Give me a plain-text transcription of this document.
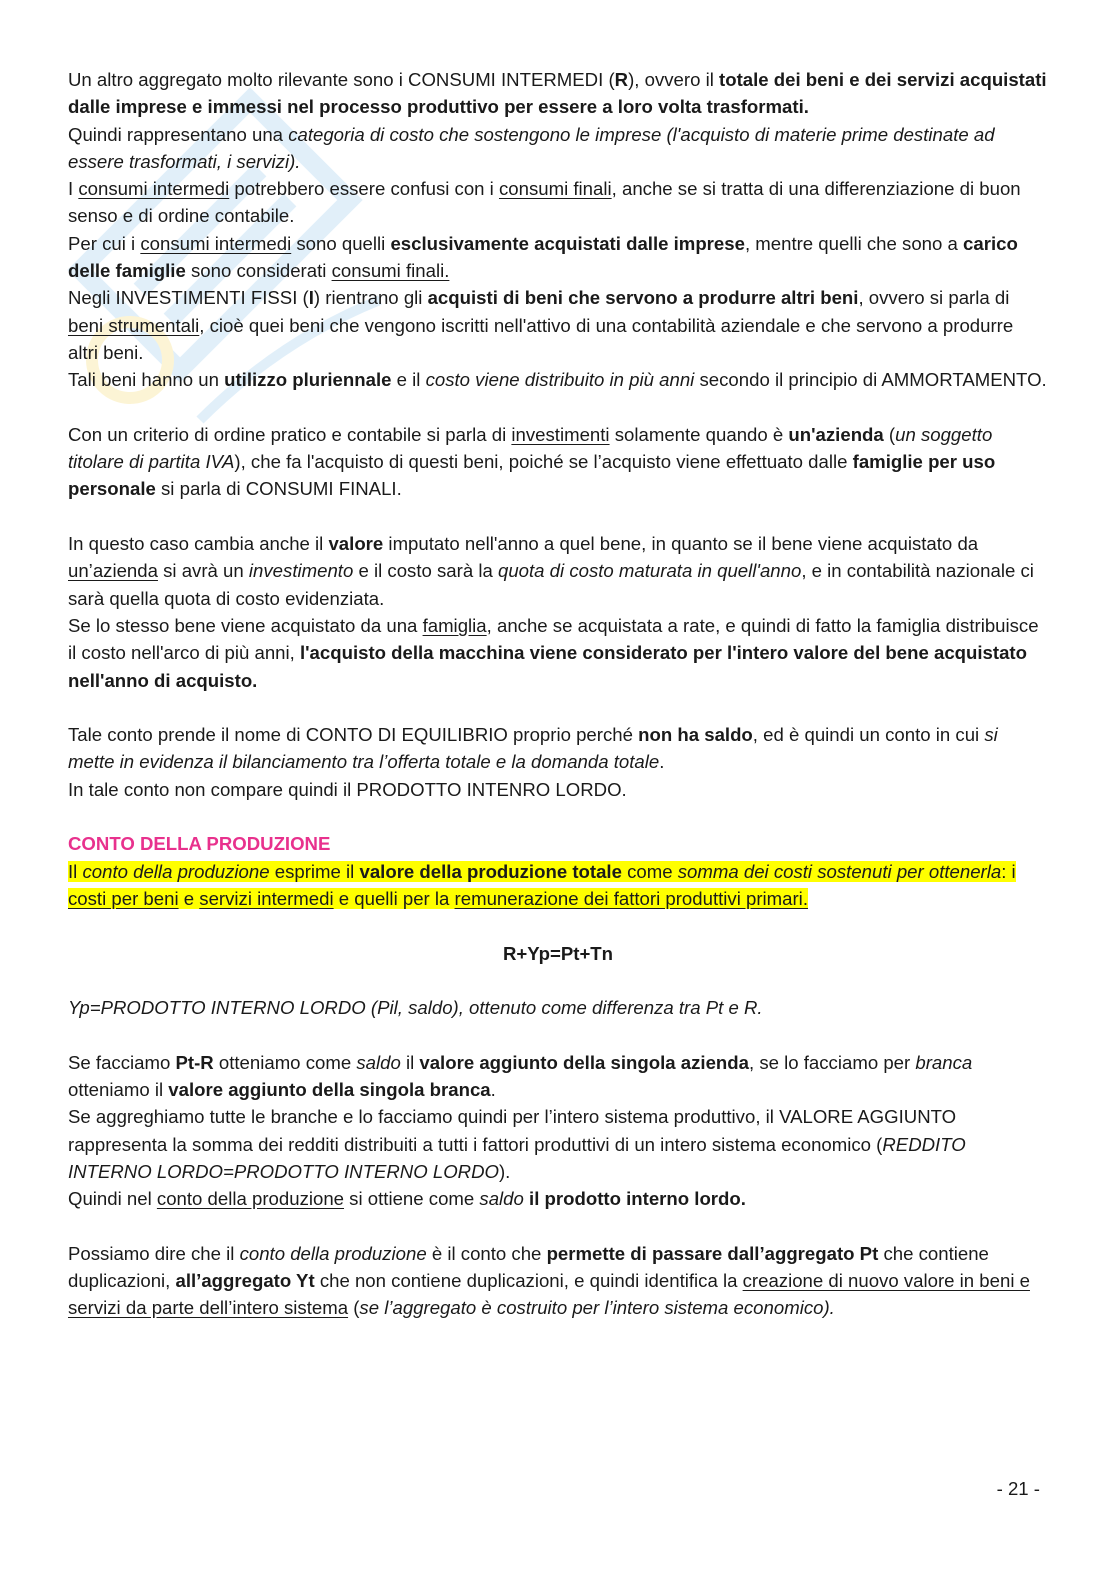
Un altro aggregato molto rilevante sono i CONSUMI INTERMEDI (R), ovvero il totale dei beni e dei servizi acquistati dalle imprese e immessi nel processo produttivo per essere a loro volta trasformati.

Quindi rappresentano una categoria di costo che sostengono le imprese (l'acquisto di materie prime destinate ad essere trasformati, i servizi).

I consumi intermedi potrebbero essere confusi con i consumi finali, anche se si tratta di una differenziazione di buon senso e di ordine contabile.

Per cui i consumi intermedi sono quelli esclusivamente acquistati dalle imprese, mentre quelli che sono a carico delle famiglie sono considerati consumi finali.

Negli INVESTIMENTI FISSI (I) rientrano gli acquisti di beni che servono a produrre altri beni, ovvero si parla di beni strumentali, cioè quei beni che vengono iscritti nell'attivo di una contabilità aziendale e che servono a produrre altri beni.

Tali beni hanno un utilizzo pluriennale e il costo viene distribuito in più anni secondo il principio di AMMORTAMENTO.

Con un criterio di ordine pratico e contabile si parla di investimenti solamente quando è un'azienda (un soggetto titolare di partita IVA), che fa l'acquisto di questi beni, poiché se l’acquisto viene effettuato dalle famiglie per uso personale si parla di CONSUMI FINALI.

In questo caso cambia anche il valore imputato nell'anno a quel bene, in quanto se il bene viene acquistato da un’azienda si avrà un investimento e il costo sarà la quota di costo maturata in quell'anno, e in contabilità nazionale ci sarà quella quota di costo evidenziata.

Se lo stesso bene viene acquistato da una famiglia, anche se acquistata a rate, e quindi di fatto la famiglia distribuisce il costo nell'arco di più anni, l'acquisto della macchina viene considerato per l'intero valore del bene acquistato nell'anno di acquisto.

Tale conto prende il nome di CONTO DI EQUILIBRIO proprio perché non ha saldo, ed è quindi un conto in cui si mette in evidenza il bilanciamento tra l’offerta totale e la domanda totale.

In tale conto non compare quindi il PRODOTTO INTENRO LORDO.

CONTO DELLA PRODUZIONE

Il conto della produzione esprime il valore della produzione totale come somma dei costi sostenuti per ottenerla: i costi per beni e servizi intermedi e quelli per la remunerazione dei fattori produttivi primari.

R+Yp=Pt+Tn

Yp=PRODOTTO INTERNO LORDO (Pil, saldo), ottenuto come differenza tra Pt e R.

Se facciamo Pt-R otteniamo come saldo il valore aggiunto della singola azienda, se lo facciamo per branca otteniamo il valore aggiunto della singola branca.

Se aggreghiamo tutte le branche e lo facciamo quindi per l’intero sistema produttivo, il VALORE AGGIUNTO rappresenta la somma dei redditi distribuiti a tutti i fattori produttivi di un intero sistema economico (REDDITO INTERNO LORDO=PRODOTTO INTERNO LORDO).

Quindi nel conto della produzione si ottiene come saldo il prodotto interno lordo.

Possiamo dire che il conto della produzione è il conto che permette di passare dall’aggregato Pt che contiene duplicazioni, all’aggregato Yt che non contiene duplicazioni, e quindi identifica la creazione di nuovo valore in beni e servizi da parte dell’intero sistema (se l’aggregato è costruito per l’intero sistema economico).

- 21 -
